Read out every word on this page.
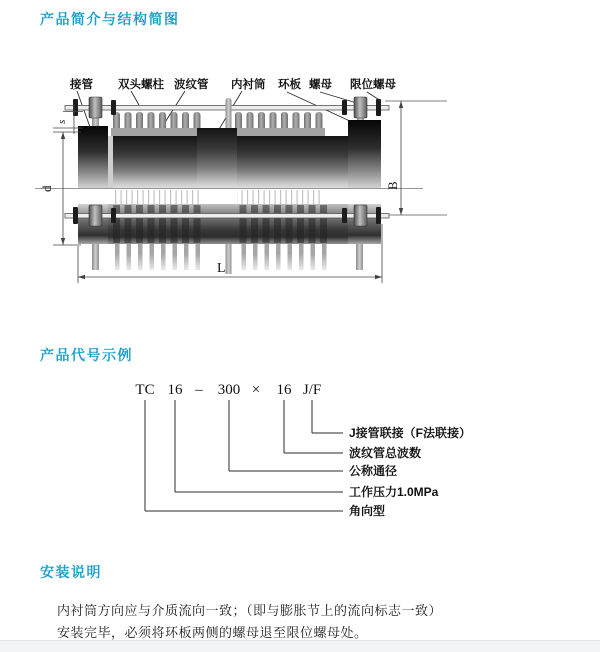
产品简介与结构简图
接管 双头螺柱 波纹管 内衬筒 环板 螺母 限位螺母
s
d	B
L
产品代号示例
TC 16 – 300 × 16 J/F
J接管联接（F法联接）
波纹管总波数
公称通径
工作压力1.0MPa
角向型
安装说明

内衬筒方向应与介质流向一致；（即与膨胀节上的流向标志一致）

安装完毕，必须将环板两侧的螺母退至限位螺母处。
